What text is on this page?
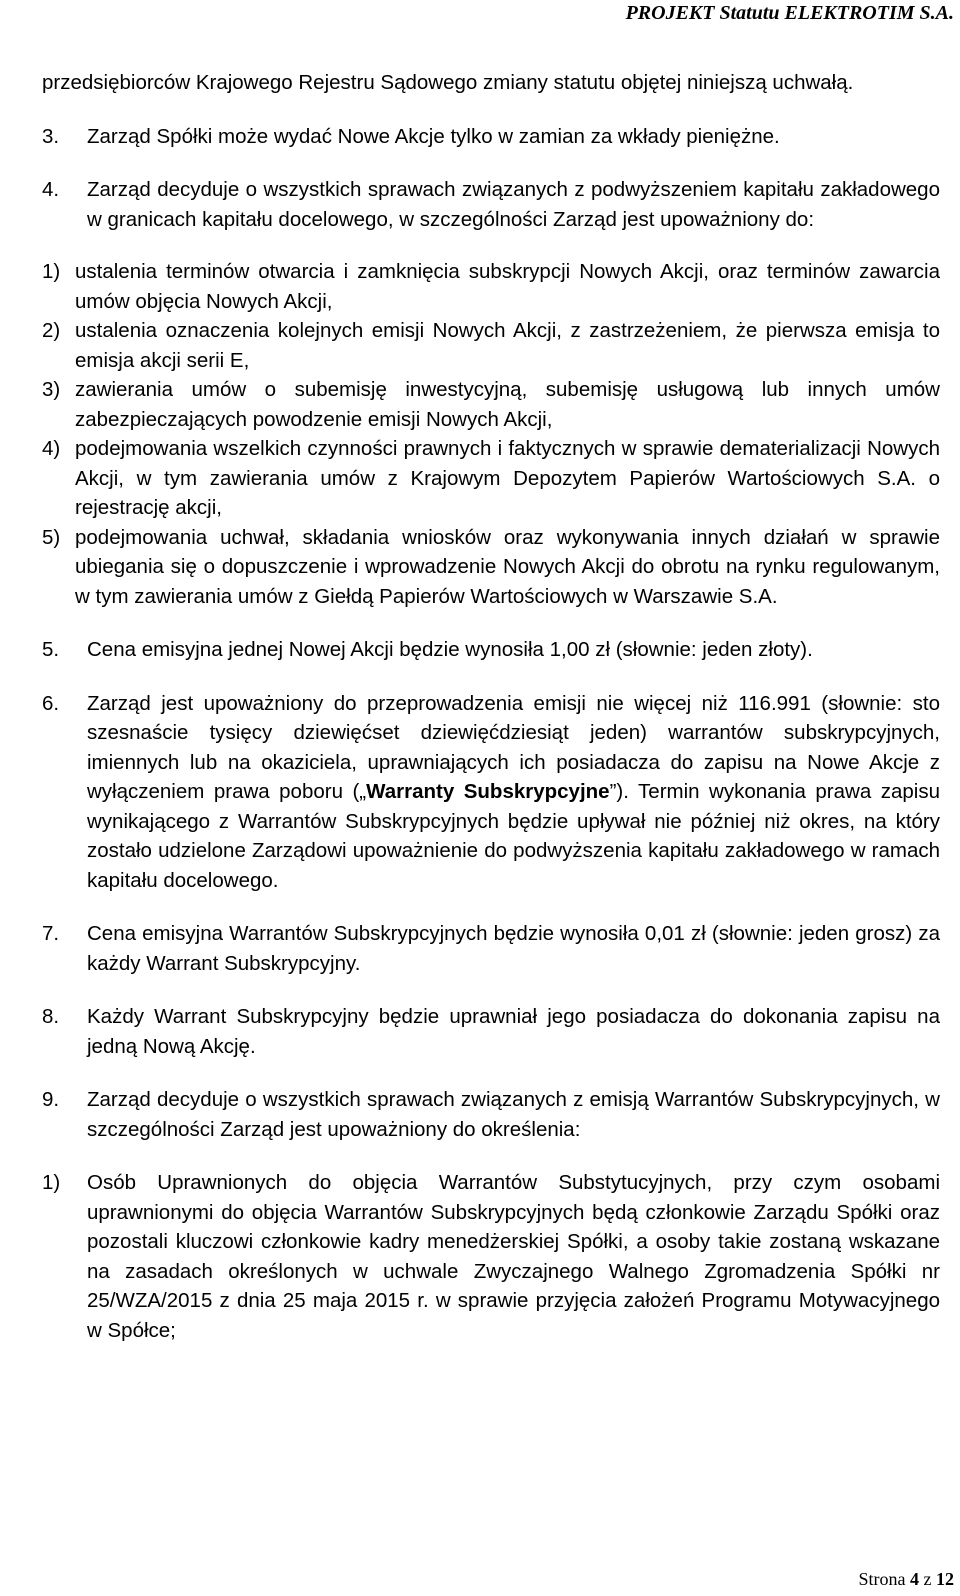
PROJEKT Statutu ELEKTROTIM S.A.

przedsiębiorców Krajowego Rejestru Sądowego zmiany statutu objętej niniejszą uchwałą.

3.	Zarząd Spółki może wydać Nowe Akcje tylko w zamian za wkłady pieniężne.
4.	Zarząd decyduje o wszystkich sprawach związanych z podwyższeniem kapitału zakładowego w granicach kapitału docelowego, w szczególności Zarząd jest upoważniony do:
1) ustalenia terminów otwarcia i zamknięcia subskrypcji Nowych Akcji, oraz terminów zawarcia umów objęcia Nowych Akcji,
2) ustalenia oznaczenia kolejnych emisji Nowych Akcji, z zastrzeżeniem, że pierwsza emisja to emisja akcji serii E,
3) zawierania umów o subemisję inwestycyjną, subemisję usługową lub innych umów zabezpieczających powodzenie emisji Nowych Akcji,
4) podejmowania wszelkich czynności prawnych i faktycznych w sprawie dematerializacji Nowych Akcji, w tym zawierania umów z Krajowym Depozytem Papierów Wartościowych S.A. o rejestrację akcji,
5) podejmowania uchwał, składania wniosków oraz wykonywania innych działań w sprawie ubiegania się o dopuszczenie i wprowadzenie Nowych Akcji do obrotu na rynku regulowanym, w tym zawierania umów z Giełdą Papierów Wartościowych w Warszawie S.A.
5.	Cena emisyjna jednej Nowej Akcji będzie wynosiła 1,00 zł (słownie: jeden złoty).
6.	Zarząd jest upoważniony do przeprowadzenia emisji nie więcej niż 116.991 (słownie: sto szesnaście tysięcy dziewięćset dziewięćdziesiąt jeden) warrantów subskrypcyjnych, imiennych lub na okaziciela, uprawniających ich posiadacza do zapisu na Nowe Akcje z wyłączeniem prawa poboru („Warranty Subskrypcyjne”). Termin wykonania prawa zapisu wynikającego z Warrantów Subskrypcyjnych będzie upływał nie później niż okres, na który zostało udzielone Zarządowi upoważnienie do podwyższenia kapitału zakładowego w ramach kapitału docelowego.
7.	Cena emisyjna Warrantów Subskrypcyjnych będzie wynosiła 0,01 zł (słownie: jeden grosz) za każdy Warrant Subskrypcyjny.
8.	Każdy Warrant Subskrypcyjny będzie uprawniał jego posiadacza do dokonania zapisu na jedną Nową Akcję.
9.	Zarząd decyduje o wszystkich sprawach związanych z emisją Warrantów Subskrypcyjnych, w szczególności Zarząd jest upoważniony do określenia:
1)	Osób Uprawnionych do objęcia Warrantów Substytucyjnych, przy czym osobami uprawnionymi do objęcia Warrantów Subskrypcyjnych będą członkowie Zarządu Spółki oraz pozostali kluczowi członkowie kadry menedżerskiej Spółki, a osoby takie zostaną wskazane na zasadach określonych w uchwale Zwyczajnego Walnego Zgromadzenia Spółki nr 25/WZA/2015 z dnia 25 maja 2015 r. w sprawie przyjęcia założeń Programu Motywacyjnego w Spółce;
Strona 4 z 12
